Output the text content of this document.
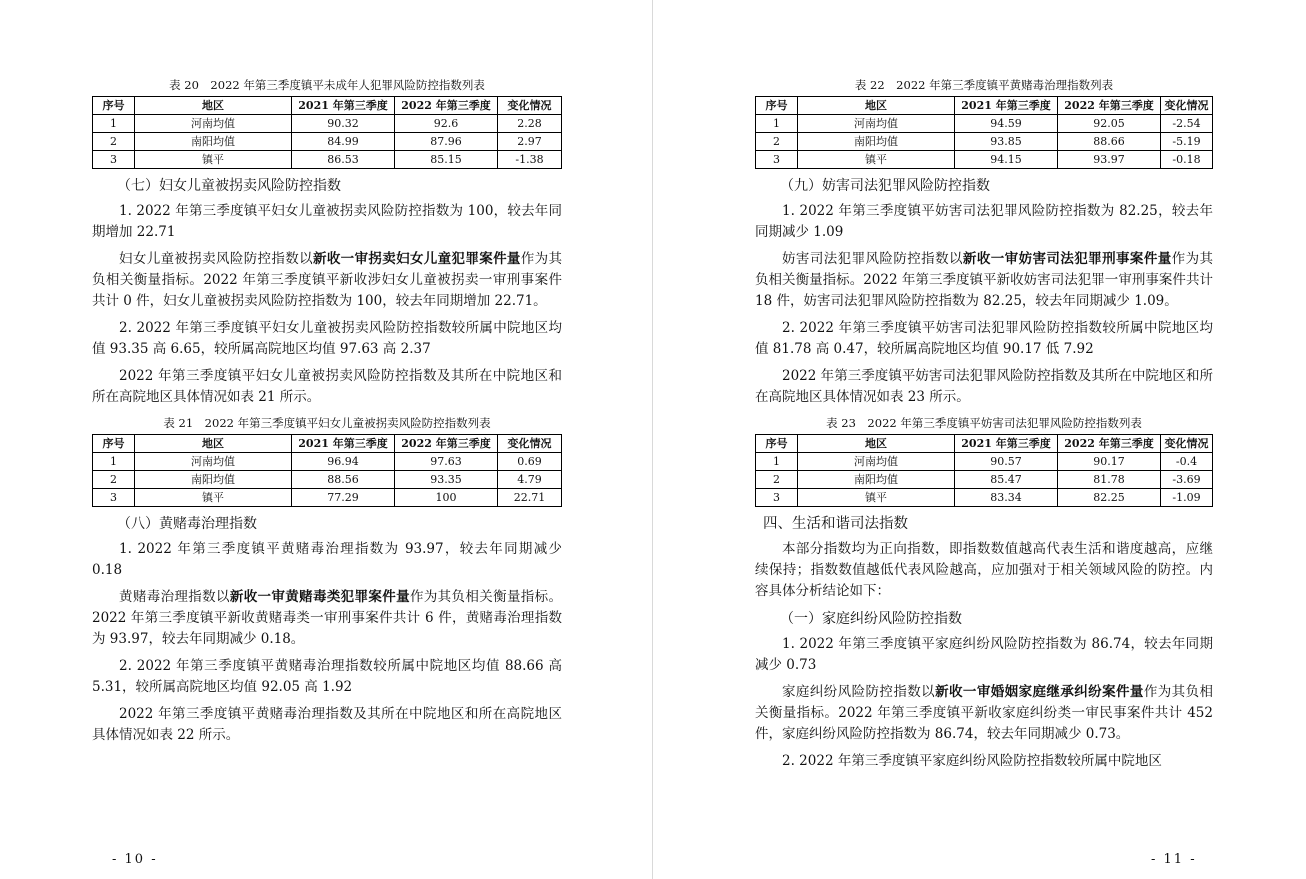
表 20　2022 年第三季度镇平未成年人犯罪风险防控指数列表
序号	地区	2021 年第三季度	2022 年第三季度	变化情况
1	河南均值	90.32	92.6	2.28
2	南阳均值	84.99	87.96	2.97
3	镇平	86.53	85.15	-1.38
（七）妇女儿童被拐卖风险防控指数

1. 2022 年第三季度镇平妇女儿童被拐卖风险防控指数为 100，较去年同期增加 22.71

妇女儿童被拐卖风险防控指数以新收一审拐卖妇女儿童犯罪案件量作为其负相关衡量指标。2022 年第三季度镇平新收涉妇女儿童被拐卖一审刑事案件共计 0 件，妇女儿童被拐卖风险防控指数为 100，较去年同期增加 22.71。

2. 2022 年第三季度镇平妇女儿童被拐卖风险防控指数较所属中院地区均值 93.35 高 6.65，较所属高院地区均值 97.63 高 2.37

2022 年第三季度镇平妇女儿童被拐卖风险防控指数及其所在中院地区和所在高院地区具体情况如表 21 所示。

表 21　2022 年第三季度镇平妇女儿童被拐卖风险防控指数列表
序号	地区	2021 年第三季度	2022 年第三季度	变化情况
1	河南均值	96.94	97.63	0.69
2	南阳均值	88.56	93.35	4.79
3	镇平	77.29	100	22.71
（八）黄赌毒治理指数

1. 2022 年第三季度镇平黄赌毒治理指数为 93.97，较去年同期减少 0.18

黄赌毒治理指数以新收一审黄赌毒类犯罪案件量作为其负相关衡量指标。2022 年第三季度镇平新收黄赌毒类一审刑事案件共计 6 件，黄赌毒治理指数为 93.97，较去年同期减少 0.18。

2. 2022 年第三季度镇平黄赌毒治理指数较所属中院地区均值 88.66 高 5.31，较所属高院地区均值 92.05 高 1.92

2022 年第三季度镇平黄赌毒治理指数及其所在中院地区和所在高院地区具体情况如表 22 所示。

- 10 -
表 22　2022 年第三季度镇平黄赌毒治理指数列表
序号	地区	2021 年第三季度	2022 年第三季度	变化情况
1	河南均值	94.59	92.05	-2.54
2	南阳均值	93.85	88.66	-5.19
3	镇平	94.15	93.97	-0.18
（九）妨害司法犯罪风险防控指数

1. 2022 年第三季度镇平妨害司法犯罪风险防控指数为 82.25，较去年同期减少 1.09

妨害司法犯罪风险防控指数以新收一审妨害司法犯罪刑事案件量作为其负相关衡量指标。2022 年第三季度镇平新收妨害司法犯罪一审刑事案件共计 18 件，妨害司法犯罪风险防控指数为 82.25，较去年同期减少 1.09。

2. 2022 年第三季度镇平妨害司法犯罪风险防控指数较所属中院地区均值 81.78 高 0.47，较所属高院地区均值 90.17 低 7.92

2022 年第三季度镇平妨害司法犯罪风险防控指数及其所在中院地区和所在高院地区具体情况如表 23 所示。

表 23　2022 年第三季度镇平妨害司法犯罪风险防控指数列表
序号	地区	2021 年第三季度	2022 年第三季度	变化情况
1	河南均值	90.57	90.17	-0.4
2	南阳均值	85.47	81.78	-3.69
3	镇平	83.34	82.25	-1.09
四、生活和谐司法指数

本部分指数均为正向指数，即指数数值越高代表生活和谐度越高，应继续保持；指数数值越低代表风险越高，应加强对于相关领域风险的防控。内容具体分析结论如下：

（一）家庭纠纷风险防控指数

1. 2022 年第三季度镇平家庭纠纷风险防控指数为 86.74，较去年同期减少 0.73

家庭纠纷风险防控指数以新收一审婚姻家庭继承纠纷案件量作为其负相关衡量指标。2022 年第三季度镇平新收家庭纠纷类一审民事案件共计 452 件，家庭纠纷风险防控指数为 86.74，较去年同期减少 0.73。

2. 2022 年第三季度镇平家庭纠纷风险防控指数较所属中院地区

- 11 -
